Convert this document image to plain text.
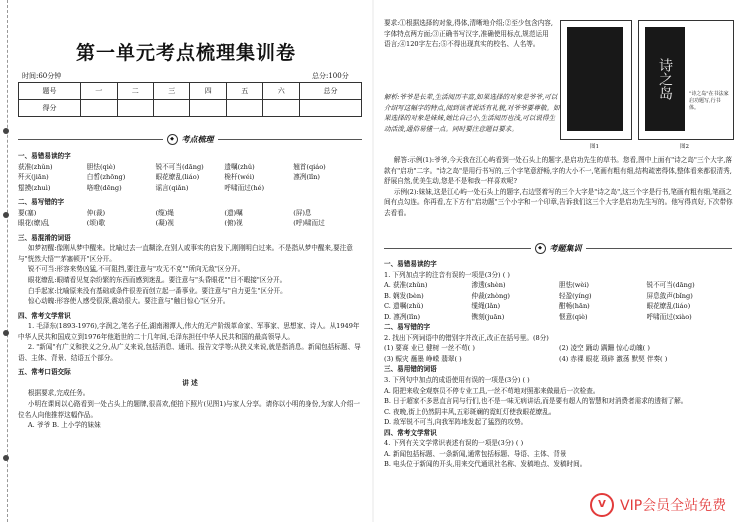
第一单元考点梳理集训卷
时间:60分钟	总分:100分
题号	一	二	三	四	五	六	总分
得分							
◆ 考点梳理
一、易错易读的字
获准(zhǔn)	胆怯(qiè)	锐不可当(dāng)	遗嘱(zhǔ)	翘首(qiáo)
歼灭(jiān)	白皙(zhōng)	眼花缭乱(liáo)	桅杆(wéi)	凛冽(lǐn)
踅摸(zhuì)	咯噔(dēng)	谣言(qiǎn)	呼啸而过(hé)
二、易写错的字
要(塞)	仲(裁)	(缆)绳	(遗)嘱	(屏)息
眼花(缭)乱	(颂)歌	(凝)视	(俯)视	(呼)啸而过
三、易混淆的词语
如梦初醒:像刚从梦中醒来。比喻过去一直糊涂,在别人或事实的启发下,刚刚明白过来。不是指从梦中醒来,要注意与"恍然大悟""茅塞顿开"区分开。
锐不可当:形容来势凶猛,不可阻挡,要注意与"攻无不克""所向无敌"区分开。
眼花缭乱:眼睛看见复杂纷繁的东西而感到迷乱。要注意与"头昏眼花""目不暇接"区分开。
白手起家:比喻原来没有基础或条件很差而创立起一番事业。要注意与"自力更生"区分开。
惊心动魄:形容使人感受很深,震动很大。要注意与"触目惊心"区分开。
四、常考文学常识
1. 毛泽东(1893-1976),字润之,笔名子任,湖南湘潭人,伟大的无产阶级革命家、军事家、思想家、诗人。从1949年中华人民共和国成立到1976年他逝世的二十几年间,毛泽东担任中华人民共和国的最高领导人。
2. "新闻"有广义和狭义之分,从广义来说,包括消息、通讯、报告文学等;从狭义来说,就是指消息。新闻包括标题、导语、主体、背景、结语五个部分。
五、常考口语交际
讲 述
根据要求,完成任务。
小明在课间以心路看到一处占头上的题牌,很喜欢,便拍下照片(见图1)与家人分享。请你以小明的身份,为家人介绍一位名人向他推荐这幅作品。
A. 爷爷 B. 上小学的妹妹
要求:①根据选择的对象,得体,清晰地介绍;②至少包含内容,字体特点两方面;③正确书写汉字,准确使用标点,规范运用语言;④120字左右;⑤不得出现真实的校名、人名等。
图1
诗之岛	"诗之岛"在书法家启功题写,行书体。
图2
解析:爷爷是长辈,生活阅历丰富,如果选择的对象是爷爷,可以介绍写这幅字的特点,阅到该者说话有礼貌,对爷爷要尊敬。如果选择的对象是妹妹,她比自己小,生活阅历也浅,可以说得生动活泼,通俗易懂一点。同时要注意题目要求。
解答:示例(1):爷爷,今天我在江心屿看到一处石头上的题字,是启功先生的草书。您看,图中上面有"诗之岛"三个大字,落款有"启功"二字。"诗之岛"是用行书写的,三个字笔意舒畅,字的大小不一,笔画有粗有细,结构疏密得体,整体看来都很清秀,舒展自然,优美生动,您是不是和我一样喜欢呢?
示例(2):妹妹,这是江心屿一处石头上的题字,右边竖着写的三个大字是"诗之岛",这三个字是行书,笔画有粗有细,笔画之间有点勾连。你再看,左下方有"启功题"三个小字和一个印章,告诉我们这三个大字是启功先生写的。他写得真好,下次带你去看看。
◆ 考题集训
一、易错易读的字
1. 下列加点字的注音有误的一项是(3分) ( )
A. 获准(zhǔn)	渗透(shèn)	胆怯(wèi)	锐不可当(dāng)
B. 娴发(bèn)	仲裁(zhòng)	轻盈(yíng)	屏息敛声(bǐng)
C. 遗嘱(zhǔ)	缆绳(lǎn)	酣畅(hān)	眼花缭乱(liáo)
D. 凛冽(lǐn)	镌刻(juān)	惬意(qiè)	呼啸而过(xiào)
二、易写错的字
2. 找出下列词语中的错别字并改正,改正在括号里。(8分)
(1) 要赛 业已 健树 一丝不苟( )	(2) 凌空 踊动 蹒跚 惊心动魄( )
(3) 赈灾 蘸墨 峥嵘 翡翠( )	(4) 赤裸 眼花 琐碎 激荡 默契 伴奏( )
三、易用错的词语
3. 下列句中加点的成语使用有误的一项是(3分) ( )
A. 阳把来收全观察员不停专业工具,一丝不苟地对照那来做最后一次检查。
B. 日于超家不多思直言同与行们,也不是一味无病讲话,而是要有超人的智慧和对消费者需求的透彻了解。
C. 夜晚,街上仍然阴丰风,五彩斑斓的霓虹灯使我眼花缭乱。
D. 敌军锐不可当,向我军阵地发起了猛烈的攻势。
四、常考文学常识
4. 下列有关文学常识表述有误的一项是(3分) ( )
A. 新闻包括标题、一条新闻,通常包括标题、导语、主体、背景
B. 电头位于新闻的开头,用来交代通讯社名称、发稿地点、发稿时间。
V	VIP会员全站免费
